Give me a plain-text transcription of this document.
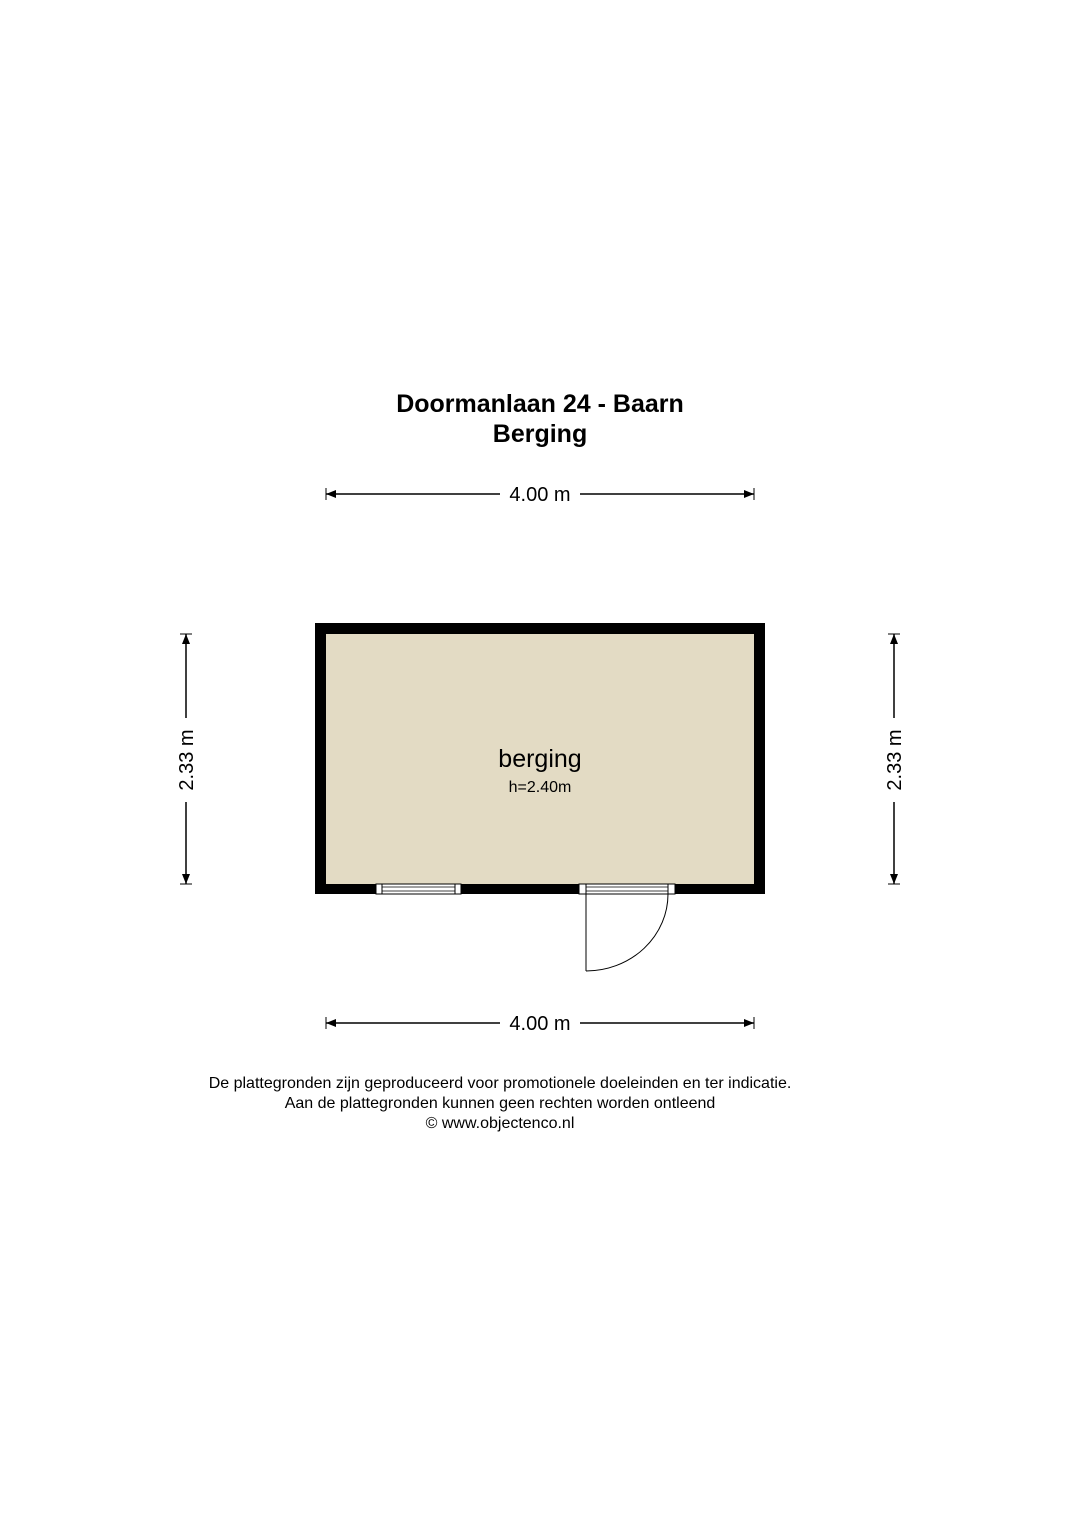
Doormanlaan 24 - Baarn
Berging
4.00 m
4.00 m
2.33 m	2.33 m
berging
h=2.40m
De plattegronden zijn geproduceerd voor promotionele doeleinden en ter indicatie.
Aan de plattegronden kunnen geen rechten worden ontleend
© www.objectenco.nl
